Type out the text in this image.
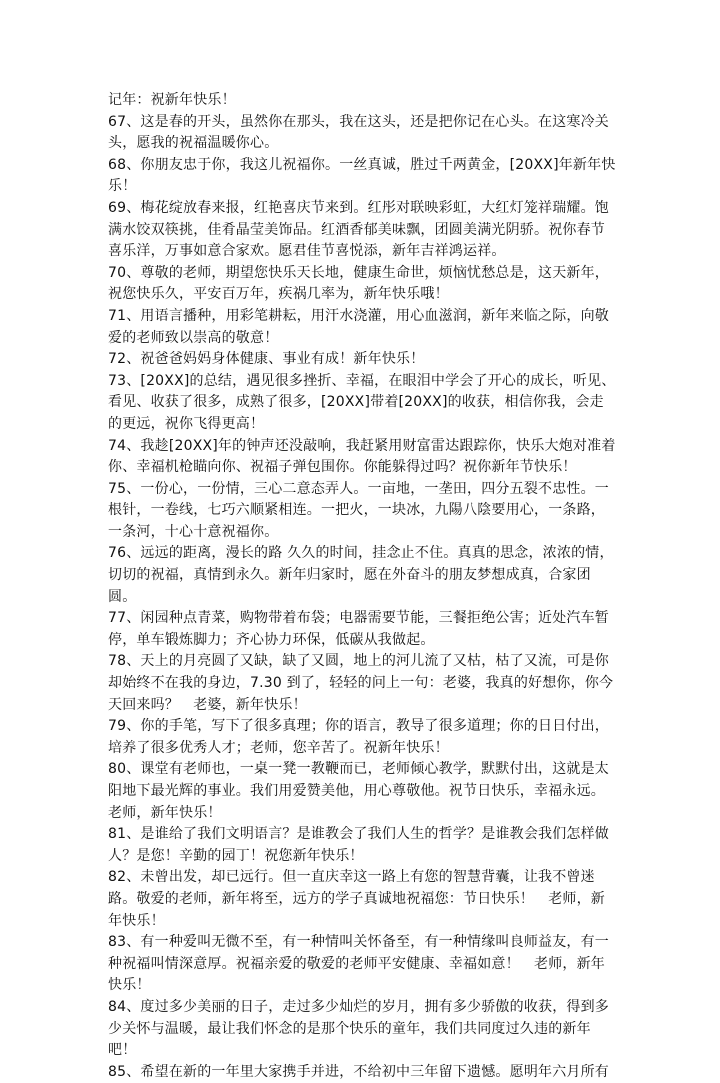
记年：祝新年快乐！

67、这是春的开头，虽然你在那头，我在这头，还是把你记在心头。在这寒冷关头，愿我的祝福温暖你心。

68、你朋友忠于你，我这儿祝福你。一丝真诚，胜过千两黄金，[20XX]年新年快乐！

69、梅花绽放春来报，红艳喜庆节来到。红彤对联映彩虹，大红灯笼祥瑞耀。饱满水饺双筷挑，佳肴晶莹美饰品。红酒香郁美味飘，团圆美满光阴骄。祝你春节喜乐洋，万事如意合家欢。愿君佳节喜悦添，新年吉祥鸿运祥。

70、尊敬的老师，期望您快乐天长地，健康生命世，烦恼忧愁总是，这天新年，祝您快乐久，平安百万年，疾祸几率为，新年快乐哦！

71、用语言播种，用彩笔耕耘，用汗水浇灌，用心血滋润，新年来临之际，向敬爱的老师致以崇高的敬意！

72、祝爸爸妈妈身体健康、事业有成！新年快乐！

73、[20XX]的总结，遇见很多挫折、幸福，在眼泪中学会了开心的成长，听见、看见、收获了很多，成熟了很多，[20XX]带着[20XX]的收获，相信你我，会走的更远，祝你飞得更高！

74、我趁[20XX]年的钟声还没敲响，我赶紧用财富雷达跟踪你，快乐大炮对准着你、幸福机枪瞄向你、祝福子弹包围你。你能躲得过吗？祝你新年节快乐！

75、一份心，一份情，三心二意态弄人。一亩地，一垄田，四分五裂不忠性。一根针，一卷线，七巧六顺紧相连。一把火，一块冰，九陽八陰要用心，一条路，一条河，十心十意祝福你。

76、远远的距离，漫长的路 久久的时间，挂念止不住。真真的思念，浓浓的情，切切的祝福，真情到永久。新年归家时，愿在外奋斗的朋友梦想成真，合家团圆。

77、闲园种点青菜，购物带着布袋；电器需要节能，三餐拒绝公害；近处汽车暂停，单车锻炼脚力；齐心协力环保，低碳从我做起。

78、天上的月亮圆了又缺，缺了又圆，地上的河儿流了又枯，枯了又流，可是你却始终不在我的身边，7.30 到了，轻轻的问上一句：老婆，我真的好想你，你今天回来吗？　老婆，新年快乐！

79、你的手笔，写下了很多真理；你的语言，教导了很多道理；你的日日付出，培养了很多优秀人才；老师，您辛苦了。祝新年快乐！

80、课堂有老师也，一桌一凳一教鞭而已，老师倾心教学，默默付出，这就是太阳地下最光辉的事业。我们用爱赞美他，用心尊敬他。祝节日快乐，幸福永远。老师，新年快乐！

81、是谁给了我们文明语言？是谁教会了我们人生的哲学？是谁教会我们怎样做人？是您！辛勤的园丁！祝您新年快乐！

82、未曾出发，却已远行。但一直庆幸这一路上有您的智慧背囊，让我不曾迷路。敬爱的老师，新年将至，远方的学子真诚地祝福您：节日快乐！　老师，新年快乐！

83、有一种爱叫无微不至，有一种情叫关怀备至，有一种情缘叫良师益友，有一种祝福叫情深意厚。祝福亲爱的敬爱的老师平安健康、幸福如意！　老师，新年快乐！

84、度过多少美丽的日子，走过多少灿烂的岁月，拥有多少骄傲的收获，得到多少关怀与温暖，最让我们怀念的是那个快乐的童年，我们共同度过久违的新年吧！

85、希望在新的一年里大家携手并进，不给初中三年留下遗憾。愿明年六月所有
